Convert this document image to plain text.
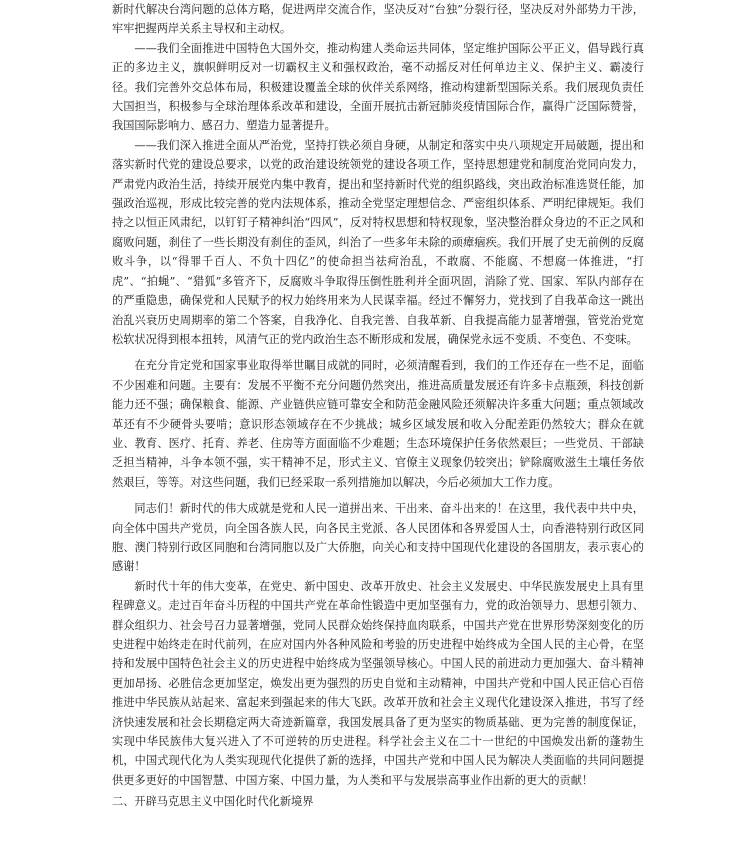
新时代解决台湾问题的总体方略，促进两岸交流合作，坚决反对“台独”分裂行径，坚决反对外部势力干涉，牢牢把握两岸关系主导权和主动权。

——我们全面推进中国特色大国外交，推动构建人类命运共同体，坚定维护国际公平正义，倡导践行真正的多边主义，旗帜鲜明反对一切霸权主义和强权政治，毫不动摇反对任何单边主义、保护主义、霸凌行径。我们完善外交总体布局，积极建设覆盖全球的伙伴关系网络，推动构建新型国际关系。我们展现负责任大国担当，积极参与全球治理体系改革和建设，全面开展抗击新冠肺炎疫情国际合作，赢得广泛国际赞誉，我国国际影响力、感召力、塑造力显著提升。

——我们深入推进全面从严治党，坚持打铁必须自身硬，从制定和落实中央八项规定开局破题，提出和落实新时代党的建设总要求，以党的政治建设统领党的建设各项工作，坚持思想建党和制度治党同向发力，严肃党内政治生活，持续开展党内集中教育，提出和坚持新时代党的组织路线，突出政治标准选贤任能，加强政治巡视，形成比较完善的党内法规体系，推动全党坚定理想信念、严密组织体系、严明纪律规矩。我们持之以恒正风肃纪，以钉钉子精神纠治“四风”，反对特权思想和特权现象，坚决整治群众身边的不正之风和腐败问题，刹住了一些长期没有刹住的歪风，纠治了一些多年未除的顽瘴痼疾。我们开展了史无前例的反腐败斗争，以“得罪千百人、不负十四亿”的使命担当祛疴治乱，不敢腐、不能腐、不想腐一体推进，“打虎”、“拍蝇”、“猎狐”多管齐下，反腐败斗争取得压倒性胜利并全面巩固，消除了党、国家、军队内部存在的严重隐患，确保党和人民赋予的权力始终用来为人民谋幸福。经过不懈努力，党找到了自我革命这一跳出治乱兴衰历史周期率的第二个答案，自我净化、自我完善、自我革新、自我提高能力显著增强，管党治党宽松软状况得到根本扭转，风清气正的党内政治生态不断形成和发展，确保党永远不变质、不变色、不变味。

在充分肯定党和国家事业取得举世瞩目成就的同时，必须清醒看到，我们的工作还存在一些不足，面临不少困难和问题。主要有：发展不平衡不充分问题仍然突出，推进高质量发展还有许多卡点瓶颈，科技创新能力还不强；确保粮食、能源、产业链供应链可靠安全和防范金融风险还须解决许多重大问题；重点领域改革还有不少硬骨头要啃；意识形态领域存在不少挑战；城乡区域发展和收入分配差距仍然较大；群众在就业、教育、医疗、托育、养老、住房等方面面临不少难题；生态环境保护任务依然艰巨；一些党员、干部缺乏担当精神，斗争本领不强，实干精神不足，形式主义、官僚主义现象仍较突出；铲除腐败滋生土壤任务依然艰巨，等等。对这些问题，我们已经采取一系列措施加以解决，今后必须加大工作力度。

同志们！新时代的伟大成就是党和人民一道拼出来、干出来、奋斗出来的！在这里，我代表中共中央，向全体中国共产党员，向全国各族人民，向各民主党派、各人民团体和各界爱国人士，向香港特别行政区同胞、澳门特别行政区同胞和台湾同胞以及广大侨胞，向关心和支持中国现代化建设的各国朋友，表示衷心的感谢！

新时代十年的伟大变革，在党史、新中国史、改革开放史、社会主义发展史、中华民族发展史上具有里程碑意义。走过百年奋斗历程的中国共产党在革命性锻造中更加坚强有力，党的政治领导力、思想引领力、群众组织力、社会号召力显著增强，党同人民群众始终保持血肉联系，中国共产党在世界形势深刻变化的历史进程中始终走在时代前列，在应对国内外各种风险和考验的历史进程中始终成为全国人民的主心骨，在坚持和发展中国特色社会主义的历史进程中始终成为坚强领导核心。中国人民的前进动力更加强大、奋斗精神更加昂扬、必胜信念更加坚定，焕发出更为强烈的历史自觉和主动精神，中国共产党和中国人民正信心百倍推进中华民族从站起来、富起来到强起来的伟大飞跃。改革开放和社会主义现代化建设深入推进，书写了经济快速发展和社会长期稳定两大奇迹新篇章，我国发展具备了更为坚实的物质基础、更为完善的制度保证，实现中华民族伟大复兴进入了不可逆转的历史进程。科学社会主义在二十一世纪的中国焕发出新的蓬勃生机，中国式现代化为人类实现现代化提供了新的选择，中国共产党和中国人民为解决人类面临的共同问题提供更多更好的中国智慧、中国方案、中国力量，为人类和平与发展崇高事业作出新的更大的贡献！

二、开辟马克思主义中国化时代化新境界
